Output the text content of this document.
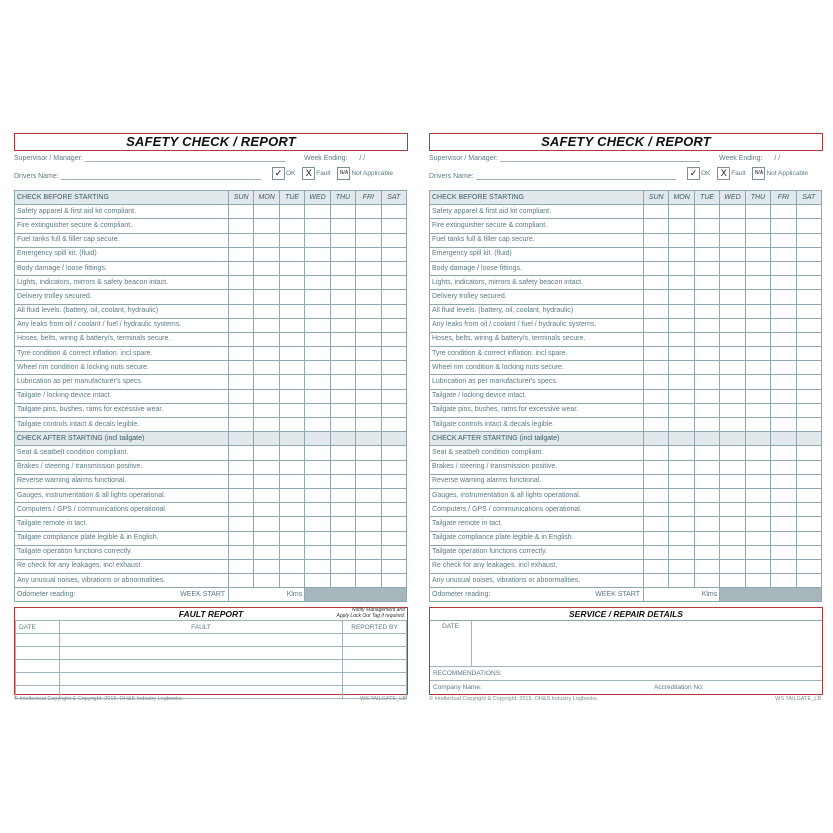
SAFETY CHECK / REPORT
Supervisor / Manager:	Week Ending: / /
Drivers Name:	✓ OK X Fault N/A Not Applicable
CHECK BEFORE STARTING	SUN	MON	TUE	WED	THU	FRI	SAT
Safety apparel & first aid kit compliant.							
Fire extinguisher secure & compliant.							
Fuel tanks full & filler cap secure.							
Emergency spill kit. (fluid)							
Body damage / loose fittings.							
Lights, indicators, mirrors & safety beacon intact.							
Delivery trolley secured.							
All fluid levels. (battery, oil, coolant, hydraulic)							
Any leaks from oil / coolant / fuel / hydraulic systems.							
Hoses, belts, wiring & battery/s, terminals secure.							
Tyre condition & correct inflation. incl spare.							
Wheel rim condition & locking nuts secure.							
Lubrication as per manufacturer's specs.							
Tailgate / locking device intact.							
Tailgate pins, bushes, rams for excessive wear.							
Tailgate controls intact & decals legible.							
CHECK AFTER STARTING (incl tailgate)							
Seat & seatbelt condition compliant.							
Brakes / steering / transmission positive.							
Reverse warning alarms functional.							
Gauges, instrumentation & all lights operational.							
Computers / GPS / communications operational.							
Tailgate remote in tact.							
Tailgate compliance plate legible & in English.							
Tailgate operation functions correctly.							
Re check for any leakages. incl exhaust.							
Any unusual noises, vibrations or abnormalities.							
Odometer reading: WEEK START	Klms						
FAULT REPORT	Notify Management and
Apply Lock Out Tag if required.
DATE	FAULT	REPORTED BY

© Intellectual Copyright & Copyright: 2015. OH&S Industry Logbooks.	WS TAILGATE_LB
SAFETY CHECK / REPORT
Supervisor / Manager:	Week Ending: / /
Drivers Name:	✓ OK X Fault N/A Not Applicable
CHECK BEFORE STARTING	SUN	MON	TUE	WED	THU	FRI	SAT
Safety apparel & first aid kit compliant.							
Fire extinguisher secure & compliant.							
Fuel tanks full & filler cap secure.							
Emergency spill kit. (fluid)							
Body damage / loose fittings.							
Lights, indicators, mirrors & safety beacon intact.							
Delivery trolley secured.							
All fluid levels. (battery, oil, coolant, hydraulic)							
Any leaks from oil / coolant / fuel / hydraulic systems.							
Hoses, belts, wiring & battery/s, terminals secure.							
Tyre condition & correct inflation. incl spare.							
Wheel rim condition & locking nuts secure.							
Lubrication as per manufacturer's specs.							
Tailgate / locking device intact.							
Tailgate pins, bushes, rams for excessive wear.							
Tailgate controls intact & decals legible.							
CHECK AFTER STARTING (incl tailgate)							
Seat & seatbelt condition compliant.							
Brakes / steering / transmission positive.							
Reverse warning alarms functional.							
Gauges, instrumentation & all lights operational.							
Computers / GPS / communications operational.							
Tailgate remote in tact.							
Tailgate compliance plate legible & in English.							
Tailgate operation functions correctly.							
Re check for any leakages. incl exhaust.							
Any unusual noises, vibrations or abnormalities.							
Odometer reading: WEEK START	Klms						
SERVICE / REPAIR DETAILS
DATE
RECOMMENDATIONS:
Company Name:	Accreditation No:
© Intellectual Copyright & Copyright: 2015. OH&S Industry Logbooks.	WS TAILGATE_LB
